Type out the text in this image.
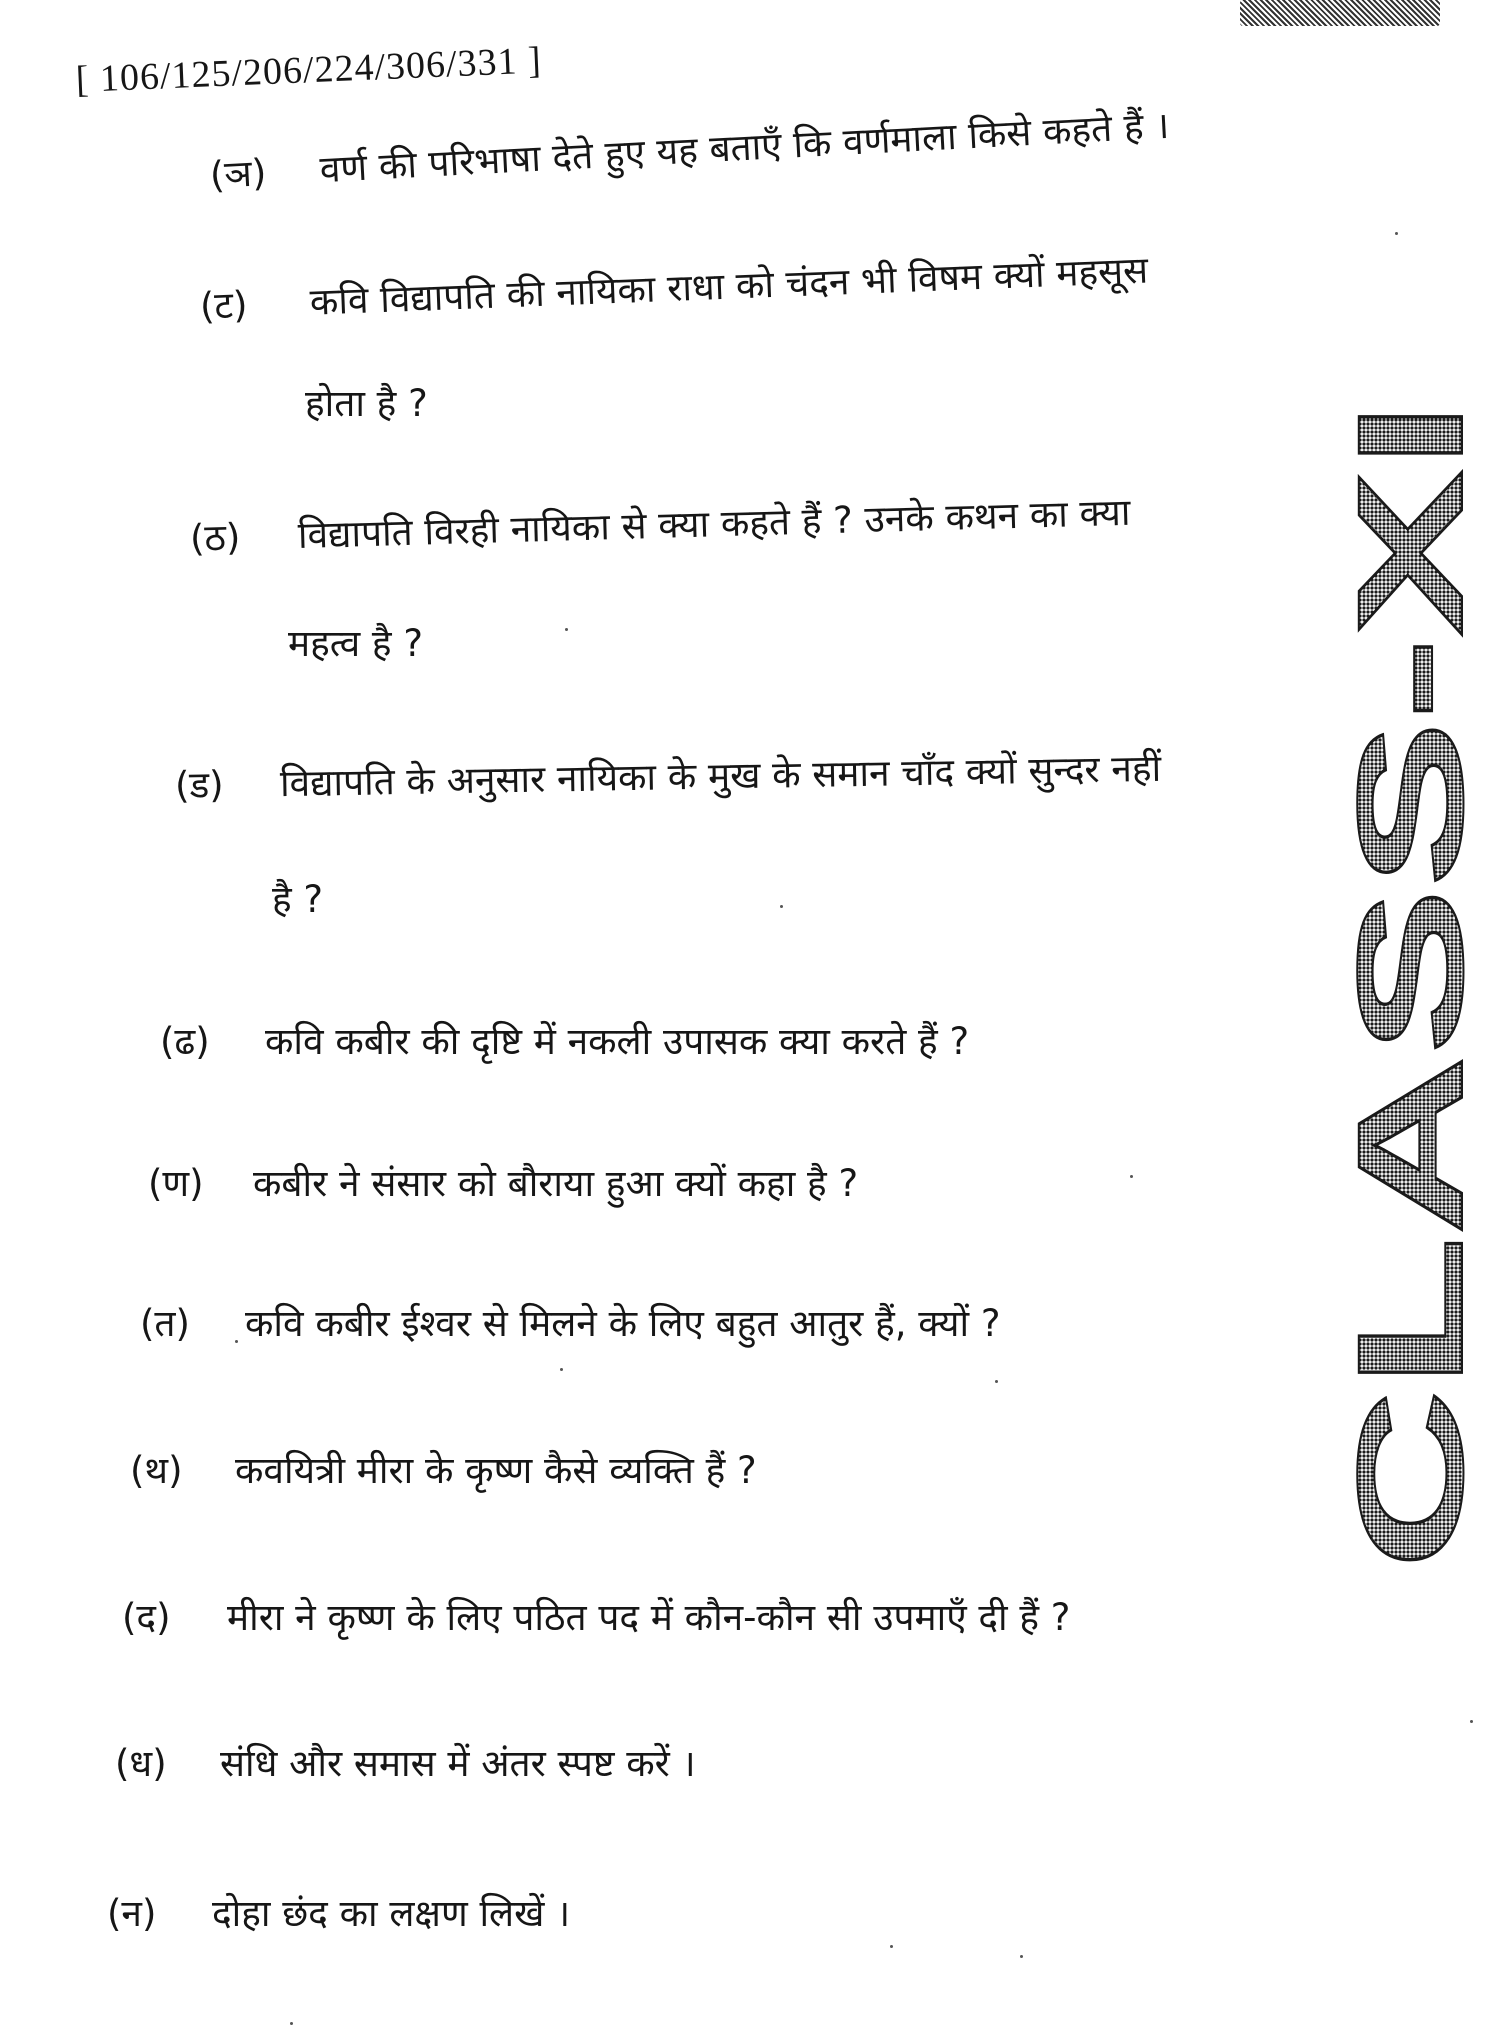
[ 106/125/206/224/306/331 ]
(ञ) वर्ण की परिभाषा देते हुए यह बताएँ कि वर्णमाला किसे कहते हैं ।
(ट) कवि विद्यापति की नायिका राधा को चंदन भी विषम क्यों महसूस
होता है ?
(ठ) विद्यापति विरही नायिका से क्या कहते हैं ? उनके कथन का क्या
महत्व है ?
(ड) विद्यापति के अनुसार नायिका के मुख के समान चाँद क्यों सुन्दर नहीं
है ?
(ढ) कवि कबीर की दृष्टि में नकली उपासक क्या करते हैं ?
(ण) कबीर ने संसार को बौराया हुआ क्यों कहा है ?
(त) कवि कबीर ईश्वर से मिलने के लिए बहुत आतुर हैं, क्यों ?
(थ) कवयित्री मीरा के कृष्ण कैसे व्यक्ति हैं ?
(द) मीरा ने कृष्ण के लिए पठित पद में कौन-कौन सी उपमाएँ दी हैं ?
(ध) संधि और समास में अंतर स्पष्ट करें ।
(न) दोहा छंद का लक्षण लिखें ।
CLASS-XI
